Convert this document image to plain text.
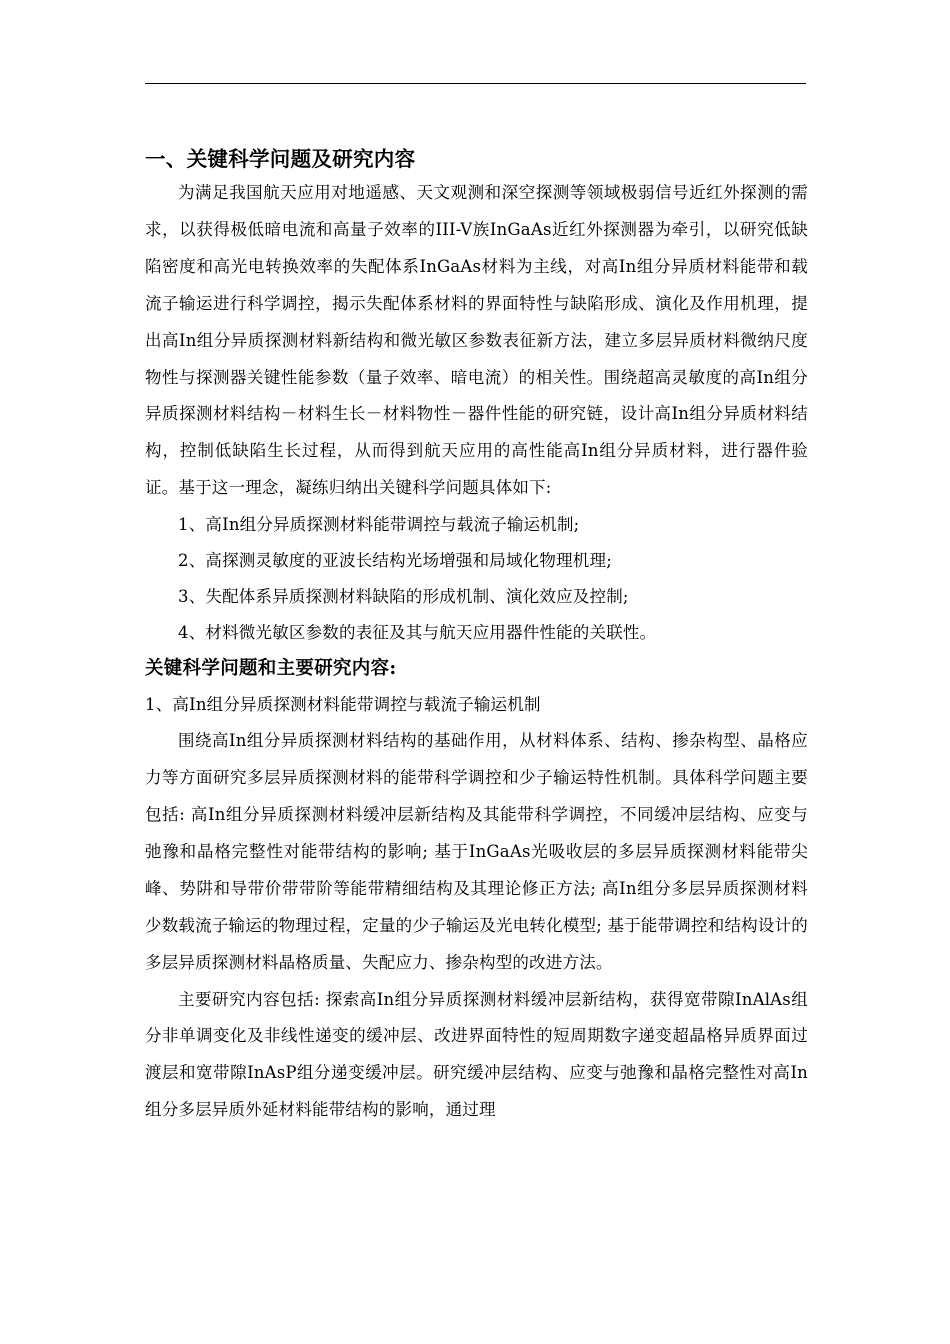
一、关键科学问题及研究内容

为满足我国航天应用对地遥感、天文观测和深空探测等领域极弱信号近红外探测的需求，以获得极低暗电流和高量子效率的III-V族InGaAs近红外探测器为牵引，以研究低缺陷密度和高光电转换效率的失配体系InGaAs材料为主线，对高In组分异质材料能带和载流子输运进行科学调控，揭示失配体系材料的界面特性与缺陷形成、演化及作用机理，提出高In组分异质探测材料新结构和微光敏区参数表征新方法，建立多层异质材料微纳尺度物性与探测器关键性能参数（量子效率、暗电流）的相关性。围绕超高灵敏度的高In组分异质探测材料结构－材料生长－材料物性－器件性能的研究链，设计高In组分异质材料结构，控制低缺陷生长过程，从而得到航天应用的高性能高In组分异质材料，进行器件验证。基于这一理念，凝练归纳出关键科学问题具体如下:

1、高In组分异质探测材料能带调控与载流子输运机制;
2、高探测灵敏度的亚波长结构光场增强和局域化物理机理;
3、失配体系异质探测材料缺陷的形成机制、演化效应及控制;
4、材料微光敏区参数的表征及其与航天应用器件性能的关联性。
关键科学问题和主要研究内容:

1、高In组分异质探测材料能带调控与载流子输运机制

围绕高In组分异质探测材料结构的基础作用，从材料体系、结构、掺杂构型、晶格应力等方面研究多层异质探测材料的能带科学调控和少子输运特性机制。具体科学问题主要包括: 高In组分异质探测材料缓冲层新结构及其能带科学调控，不同缓冲层结构、应变与弛豫和晶格完整性对能带结构的影响; 基于InGaAs光吸收层的多层异质探测材料能带尖峰、势阱和导带价带带阶等能带精细结构及其理论修正方法; 高In组分多层异质探测材料少数载流子输运的物理过程，定量的少子输运及光电转化模型; 基于能带调控和结构设计的多层异质探测材料晶格质量、失配应力、掺杂构型的改进方法。

主要研究内容包括: 探索高In组分异质探测材料缓冲层新结构，获得宽带隙InAlAs组分非单调变化及非线性递变的缓冲层、改进界面特性的短周期数字递变超晶格异质界面过渡层和宽带隙InAsP组分递变缓冲层。研究缓冲层结构、应变与弛豫和晶格完整性对高In组分多层异质外延材料能带结构的影响，通过理
